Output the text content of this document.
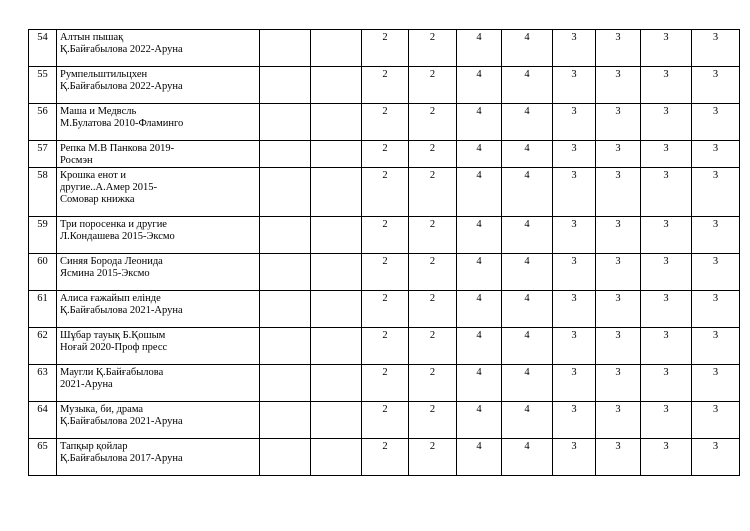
54	Алтын пышақ
Қ.Байғабылова 2022-Аруна			2	2	4	4	3	3	3	3
55	Румпельштильцхен
Қ.Байғабылова 2022-Аруна			2	2	4	4	3	3	3	3
56	Маша и Медвсль
М.Булатова 2010-Фламинго			2	2	4	4	3	3	3	3
57	Репка М.В Панкова 2019-
Росмэн			2	2	4	4	3	3	3	3
58	Крошка енот и
другие..А.Амер 2015-
Сомовар книжка			2	2	4	4	3	3	3	3
59	Три поросенка и другие
Л.Кондашева 2015-Эксмо			2	2	4	4	3	3	3	3
60	Синяя Борода Леонида
Ясмина 2015-Эксмо			2	2	4	4	3	3	3	3
61	Алиса ғажайып елінде
Қ.Байғабылова 2021-Аруна			2	2	4	4	3	3	3	3
62	Шұбар тауық Б.Қошым
Ноғай 2020-Проф пресс			2	2	4	4	3	3	3	3
63	Маугли Қ.Байғабылова
2021-Аруна			2	2	4	4	3	3	3	3
64	Музыка, би, драма
Қ.Байғабылова 2021-Аруна			2	2	4	4	3	3	3	3
65	Тапқыр қойлар
Қ.Байғабылова 2017-Аруна			2	2	4	4	3	3	3	3
